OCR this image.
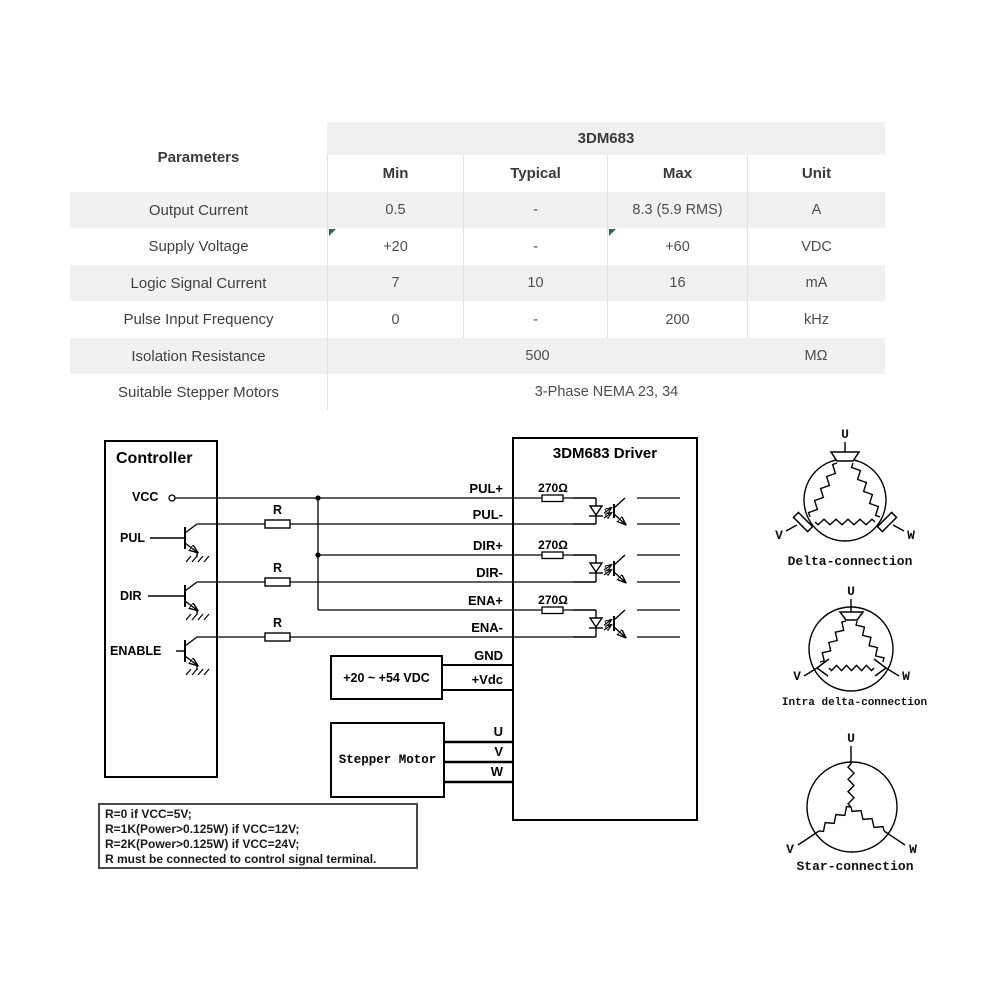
Parameters
3DM683
Min	Typical	Max	Unit
Output Current	0.5	-	8.3 (5.9 RMS)	A
Supply Voltage	+20	-	+60	VDC
Logic Signal Current	7	10	16	mA
Pulse Input Frequency	0	-	200	kHz
Isolation Resistance	500	MΩ
Suitable Stepper Motors	3-Phase NEMA 23, 34
Controller	3DM683 Driver
+20 ~ +54 VDC
Stepper Motor
VCC
PUL
DIR
ENABLE
R
R
R
270Ω
270Ω
270Ω
PUL+
PUL-
DIR+
DIR-
ENA+
ENA-
GND
+Vdc
U
V
W
R=0 if VCC=5V;
R=1K(Power>0.125W) if VCC=12V;
R=2K(Power>0.125W) if VCC=24V;
R must be connected to control signal terminal.
U
V	W
Delta-connection
U
V	W
Intra delta-connection
U
V	W
Star-connection
